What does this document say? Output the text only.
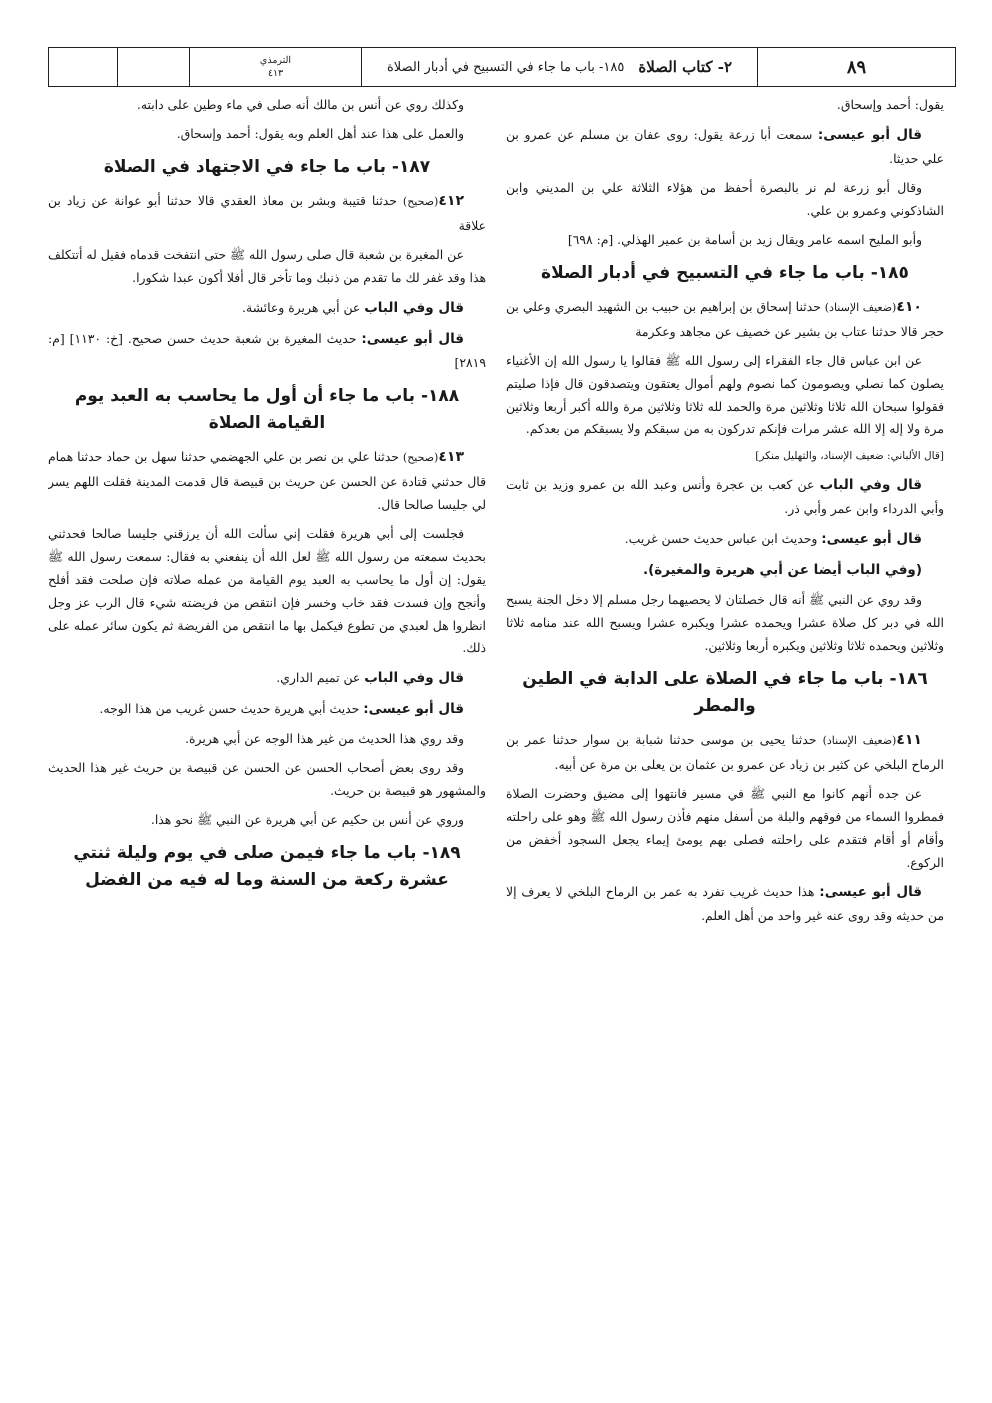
٨٩
٢- كتاب الصلاة
١٨٥- باب ما جاء في التسبيح في أدبار الصلاة
الترمذي
٤١٣

يقول: أحمد وإسحاق.

قال أبو عيسى: سمعت أبا زرعة يقول: روى عفان بن مسلم عن عمرو بن علي حديثا.

وقال أبو زرعة لم نر بالبصرة أحفظ من هؤلاء الثلاثة علي بن المديني وابن الشاذكوني وعمرو بن علي.

وأبو المليح اسمه عامر ويقال زيد بن أسامة بن عمير الهذلي. [م: ٦٩٨]

١٨٥- باب ما جاء في التسبيح في أدبار الصلاة

٤١٠(ضعيف الإسناد) حدثنا إسحاق بن إبراهيم بن حبيب بن الشهيد البصري وعلي بن حجر قالا حدثنا عتاب بن بشير عن خصيف عن مجاهد وعكرمة

عن ابن عباس قال جاء الفقراء إلى رسول الله ﷺ فقالوا يا رسول الله إن الأغنياء يصلون كما نصلي ويصومون كما نصوم ولهم أموال يعتقون ويتصدقون قال فإذا صليتم فقولوا سبحان الله ثلاثا وثلاثين مرة والحمد لله ثلاثا وثلاثين مرة والله أكبر أربعا وثلاثين مرة ولا إله إلا الله عشر مرات فإنكم تدركون به من سبقكم ولا يسبقكم من بعدكم.

[قال الألباني: ضعيف الإسناد، والتهليل منكر]

قال وفي الباب عن كعب بن عجرة وأنس وعبد الله بن عمرو وزيد بن ثابت وأبي الدرداء وابن عمر وأبي ذر.

قال أبو عيسى: وحديث ابن عباس حديث حسن غريب.

(وفي الباب أيضا عن أبي هريرة والمغيرة).

وقد روي عن النبي ﷺ أنه قال خصلتان لا يحصيهما رجل مسلم إلا دخل الجنة يسبح الله في دبر كل صلاة عشرا ويحمده عشرا ويكبره عشرا ويسبح الله عند منامه ثلاثا وثلاثين ويحمده ثلاثا وثلاثين ويكبره أربعا وثلاثين.

١٨٦- باب ما جاء في الصلاة على الدابة في الطين والمطر

٤١١(ضعيف الإسناد) حدثنا يحيى بن موسى حدثنا شبابة بن سوار حدثنا عمر بن الرماح البلخي عن كثير بن زياد عن عمرو بن عثمان بن يعلى بن مرة عن أبيه.

عن جده أنهم كانوا مع النبي ﷺ في مسير فانتهوا إلى مضيق وحضرت الصلاة فمطروا السماء من فوقهم والبلة من أسفل منهم فأذن رسول الله ﷺ وهو على راحلته وأقام أو أقام فتقدم على راحلته فصلى بهم يومئ إيماء يجعل السجود أخفض من الركوع.

قال أبو عيسى: هذا حديث غريب تفرد به عمر بن الرماح البلخي لا يعرف إلا من حديثه وقد روى عنه غير واحد من أهل العلم.

وكذلك روي عن أنس بن مالك أنه صلى في ماء وطين على دابته.

والعمل على هذا عند أهل العلم وبه يقول: أحمد وإسحاق.

١٨٧- باب ما جاء في الاجتهاد في الصلاة

٤١٢(صحيح) حدثنا قتيبة وبشر بن معاذ العقدي قالا حدثنا أبو عوانة عن زياد بن علاقة

عن المغيرة بن شعبة قال صلى رسول الله ﷺ حتى انتفخت قدماه فقيل له أتتكلف هذا وقد غفر لك ما تقدم من ذنبك وما تأخر قال أفلا أكون عبدا شكورا.

قال وفي الباب عن أبي هريرة وعائشة.

قال أبو عيسى: حديث المغيرة بن شعبة حديث حسن صحيح. [خ: ١١٣٠] [م: ٢٨١٩]

١٨٨- باب ما جاء أن أول ما يحاسب به العبد يوم القيامة الصلاة

٤١٣(صحيح) حدثنا علي بن نصر بن علي الجهضمي حدثنا سهل بن حماد حدثنا همام قال حدثني قتادة عن الحسن عن حريث بن قبيصة قال قدمت المدينة فقلت اللهم يسر لي جليسا صالحا قال.

فجلست إلى أبي هريرة فقلت إني سألت الله أن يرزقني جليسا صالحا فحدثني بحديث سمعته من رسول الله ﷺ لعل الله أن ينفعني به فقال: سمعت رسول الله ﷺ يقول: إن أول ما يحاسب به العبد يوم القيامة من عمله صلاته فإن صلحت فقد أفلح وأنجح وإن فسدت فقد خاب وخسر فإن انتقص من فريضته شيء قال الرب عز وجل انظروا هل لعبدي من تطوع فيكمل بها ما انتقص من الفريضة ثم يكون سائر عمله على ذلك.

قال وفي الباب عن تميم الداري.

قال أبو عيسى: حديث أبي هريرة حديث حسن غريب من هذا الوجه.

وقد روي هذا الحديث من غير هذا الوجه عن أبي هريرة.

وقد روى بعض أصحاب الحسن عن الحسن عن قبيصة بن حريث غير هذا الحديث والمشهور هو قبيصة بن حريث.

وروي عن أنس بن حكيم عن أبي هريرة عن النبي ﷺ نحو هذا.

١٨٩- باب ما جاء فيمن صلى في يوم وليلة ثنتي عشرة ركعة من السنة وما له فيه من الفضل
